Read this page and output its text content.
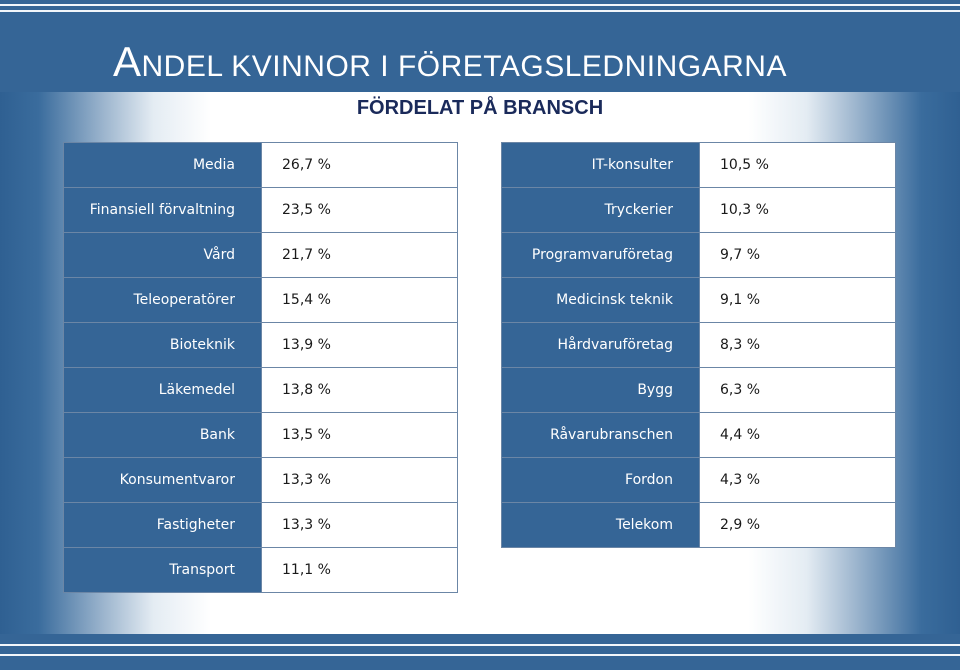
ANDEL KVINNOR I FÖRETAGSLEDNINGARNA
FÖRDELAT PÅ BRANSCH
Media	26,7 %
Finansiell förvaltning	23,5 %
Vård	21,7 %
Teleoperatörer	15,4 %
Bioteknik	13,9 %
Läkemedel	13,8 %
Bank	13,5 %
Konsumentvaror	13,3 %
Fastigheter	13,3 %
Transport	11,1 %
IT-konsulter	10,5 %
Tryckerier	10,3 %
Programvaruföretag	9,7 %
Medicinsk teknik	9,1 %
Hårdvaruföretag	8,3 %
Bygg	6,3 %
Råvarubranschen	4,4 %
Fordon	4,3 %
Telekom	2,9 %
